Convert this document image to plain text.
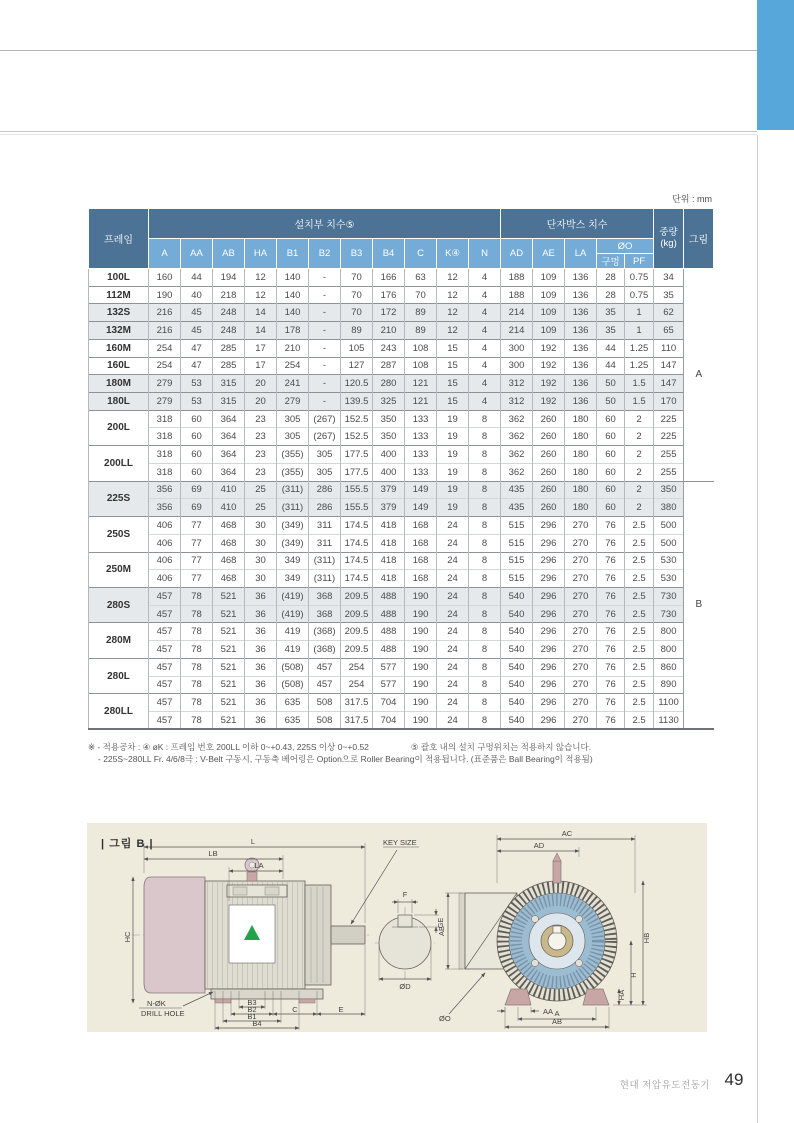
단위 : mm
프레임	설치부 치수⑤											단자박스 치수					중량
(kg)	그림
	A	AA	AB	HA	B1	B2	B3	B4	C	K④	N	AD	AE	LA	ØO			
															구멍	PF		
100L	160	44	194	12	140	-	70	166	63	12	4	188	109	136	28	0.75	34	A
112M	190	40	218	12	140	-	70	176	70	12	4	188	109	136	28	0.75	35	
132S	216	45	248	14	140	-	70	172	89	12	4	214	109	136	35	1	62	
132M	216	45	248	14	178	-	89	210	89	12	4	214	109	136	35	1	65	
160M	254	47	285	17	210	-	105	243	108	15	4	300	192	136	44	1.25	110	
160L	254	47	285	17	254	-	127	287	108	15	4	300	192	136	44	1.25	147	
180M	279	53	315	20	241	-	120.5	280	121	15	4	312	192	136	50	1.5	147	
180L	279	53	315	20	279	-	139.5	325	121	15	4	312	192	136	50	1.5	170	
200L	318	60	364	23	305	(267)	152.5	350	133	19	8	362	260	180	60	2	225	
	318	60	364	23	305	(267)	152.5	350	133	19	8	362	260	180	60	2	225	
200LL	318	60	364	23	(355)	305	177.5	400	133	19	8	362	260	180	60	2	255	
	318	60	364	23	(355)	305	177.5	400	133	19	8	362	260	180	60	2	255	
225S	356	69	410	25	(311)	286	155.5	379	149	19	8	435	260	180	60	2	350	B
	356	69	410	25	(311)	286	155.5	379	149	19	8	435	260	180	60	2	380	
250S	406	77	468	30	(349)	311	174.5	418	168	24	8	515	296	270	76	2.5	500	
	406	77	468	30	(349)	311	174.5	418	168	24	8	515	296	270	76	2.5	500	
250M	406	77	468	30	349	(311)	174.5	418	168	24	8	515	296	270	76	2.5	530	
	406	77	468	30	349	(311)	174.5	418	168	24	8	515	296	270	76	2.5	530	
280S	457	78	521	36	(419)	368	209.5	488	190	24	8	540	296	270	76	2.5	730	
	457	78	521	36	(419)	368	209.5	488	190	24	8	540	296	270	76	2.5	730	
280M	457	78	521	36	419	(368)	209.5	488	190	24	8	540	296	270	76	2.5	800	
	457	78	521	36	419	(368)	209.5	488	190	24	8	540	296	270	76	2.5	800	
280L	457	78	521	36	(508)	457	254	577	190	24	8	540	296	270	76	2.5	860	
	457	78	521	36	(508)	457	254	577	190	24	8	540	296	270	76	2.5	890	
280LL	457	78	521	36	635	508	317.5	704	190	24	8	540	296	270	76	2.5	1100	
	457	78	521	36	635	508	317.5	704	190	24	8	540	296	270	76	2.5	1130	
※ - 적용공차 : ④ øK : 프레임 번호 200LL 이하 0~+0.43, 225S 이상 0~+0.52	⑤ 괄호 내의 설치 구멍위치는 적용하지 않습니다.
- 225S~280LL Fr. 4/6/8극 : V-Belt 구동시, 구동축 베어링은 Option으로 Roller Bearing이 적용됩니다. (표준품은 Ball Bearing이 적용됨)
L
LB
LA
HC
KEY SIZE
N-ØK
DRILL HOLE
B3
B2	C	E
B1
B4
F
GE
ØD
AC
AD
AE
ØO
AA A
AB
HB
H
HA
| 그림 B |
현대 저압유도전동기 49
